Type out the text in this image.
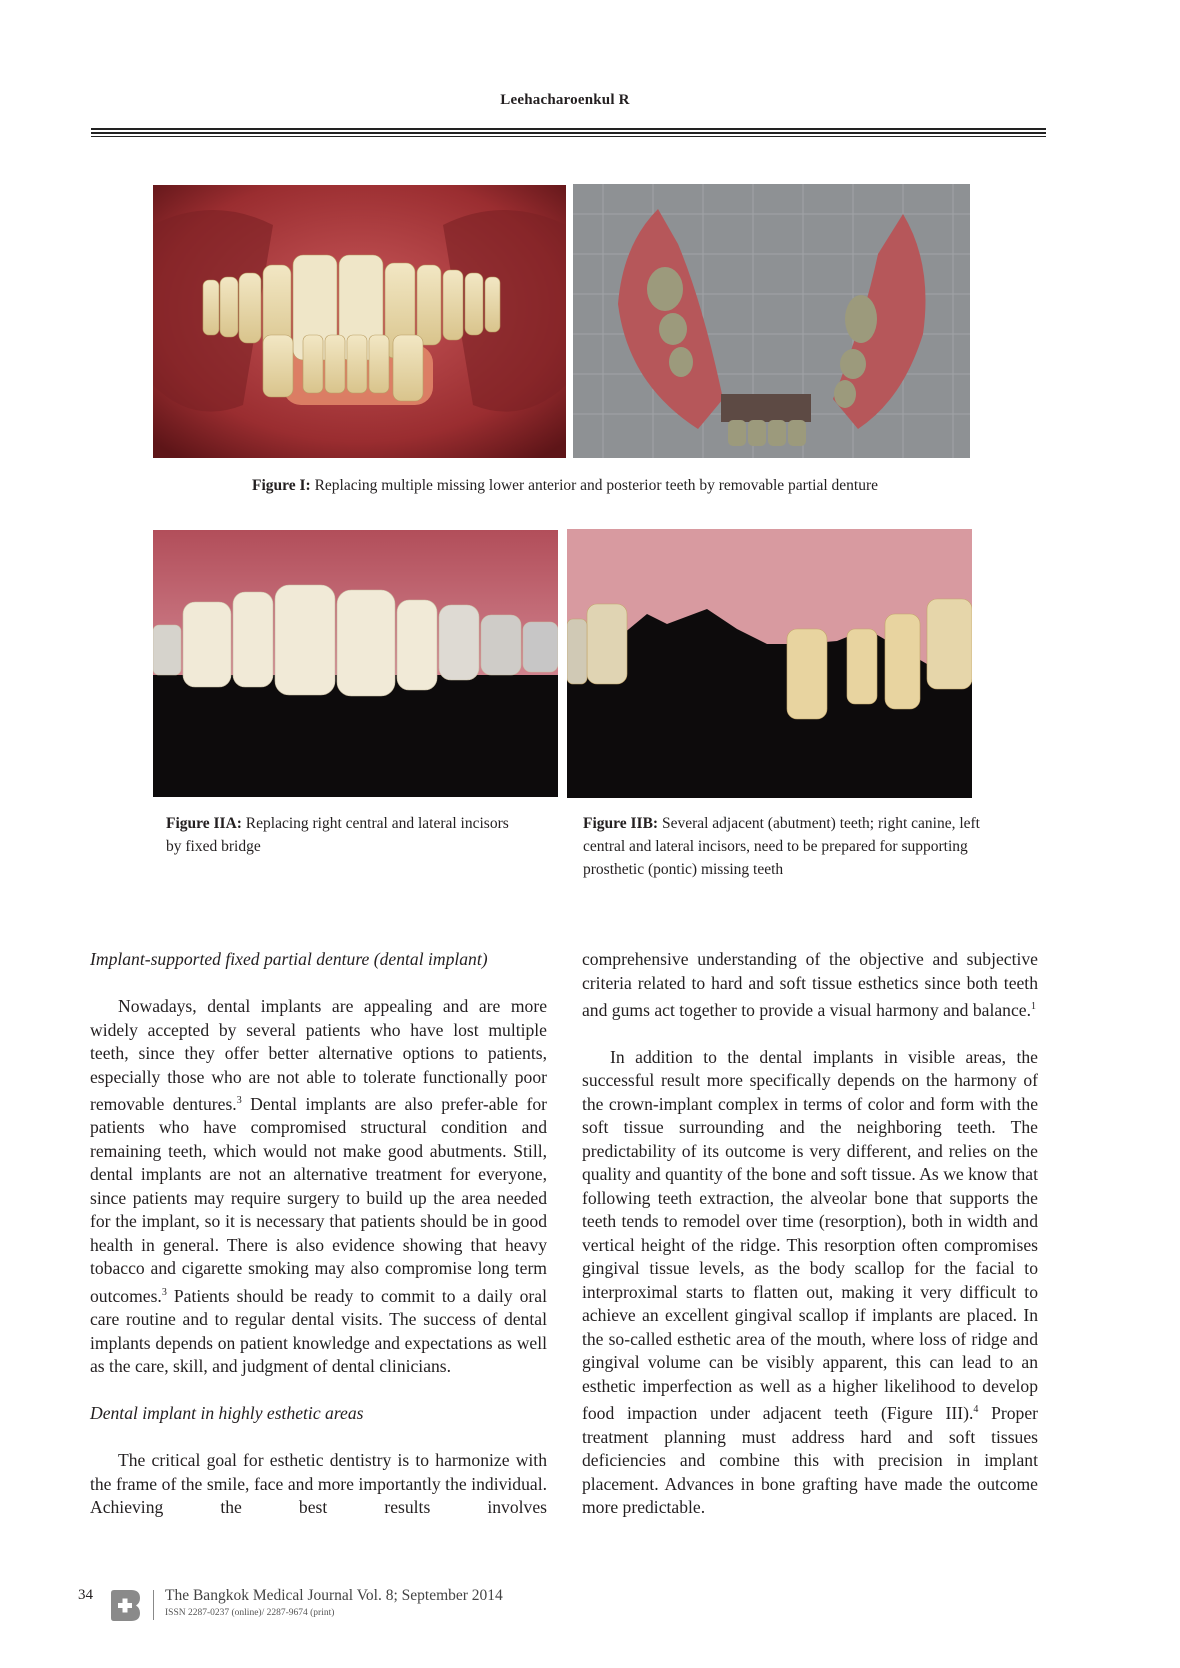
Leehacharoenkul R
Figure I: Replacing multiple missing lower anterior and posterior teeth by removable partial denture
Figure IIA: Replacing right central and lateral incisors by fixed bridge
Figure IIB: Several adjacent (abutment) teeth; right canine, left central and lateral incisors, need to be prepared for supporting prosthetic (pontic) missing teeth

Implant-supported fixed partial denture (dental implant)

Nowadays, dental implants are appealing and are more widely accepted by several patients who have lost multiple teeth, since they offer better alternative options to patients, especially those who are not able to tolerate functionally poor removable dentures.$^3$ Dental implants are also prefer-able for patients who have compromised structural condition and remaining teeth, which would not make good abutments. Still, dental implants are not an alternative treatment for everyone, since patients may require surgery to build up the area needed for the implant, so it is necessary that patients should be in good health in general. There is also evidence showing that heavy tobacco and cigarette smoking may also compromise long term outcomes.$^3$ Patients should be ready to commit to a daily oral care routine and to regular dental visits. The success of dental implants depends on patient knowledge and expectations as well as the care, skill, and judgment of dental clinicians.

Dental implant in highly esthetic areas

The critical goal for esthetic dentistry is to harmonize with the frame of the smile, face and more importantly the individual. Achieving the best results involves

comprehensive understanding of the objective and subjective criteria related to hard and soft tissue esthetics since both teeth and gums act together to provide a visual harmony and balance.$^1$

In addition to the dental implants in visible areas, the successful result more specifically depends on the harmony of the crown-implant complex in terms of color and form with the soft tissue surrounding and the neighboring teeth. The predictability of its outcome is very different, and relies on the quality and quantity of the bone and soft tissue. As we know that following teeth extraction, the alveolar bone that supports the teeth tends to remodel over time (resorption), both in width and vertical height of the ridge. This resorption often compromises gingival tissue levels, as the body scallop for the facial to interproximal starts to flatten out, making it very difficult to achieve an excellent gingival scallop if implants are placed. In the so-called esthetic area of the mouth, where loss of ridge and gingival volume can be visibly apparent, this can lead to an esthetic imperfection as well as a higher likelihood to develop food impaction under adjacent teeth (Figure III).$^4$ Proper treatment planning must address hard and soft tissues deficiencies and combine this with precision in implant placement. Advances in bone grafting have made the outcome more predictable.

34	The Bangkok Medical Journal Vol. 8; September 2014
ISSN 2287-0237 (online)/ 2287-9674 (print)
